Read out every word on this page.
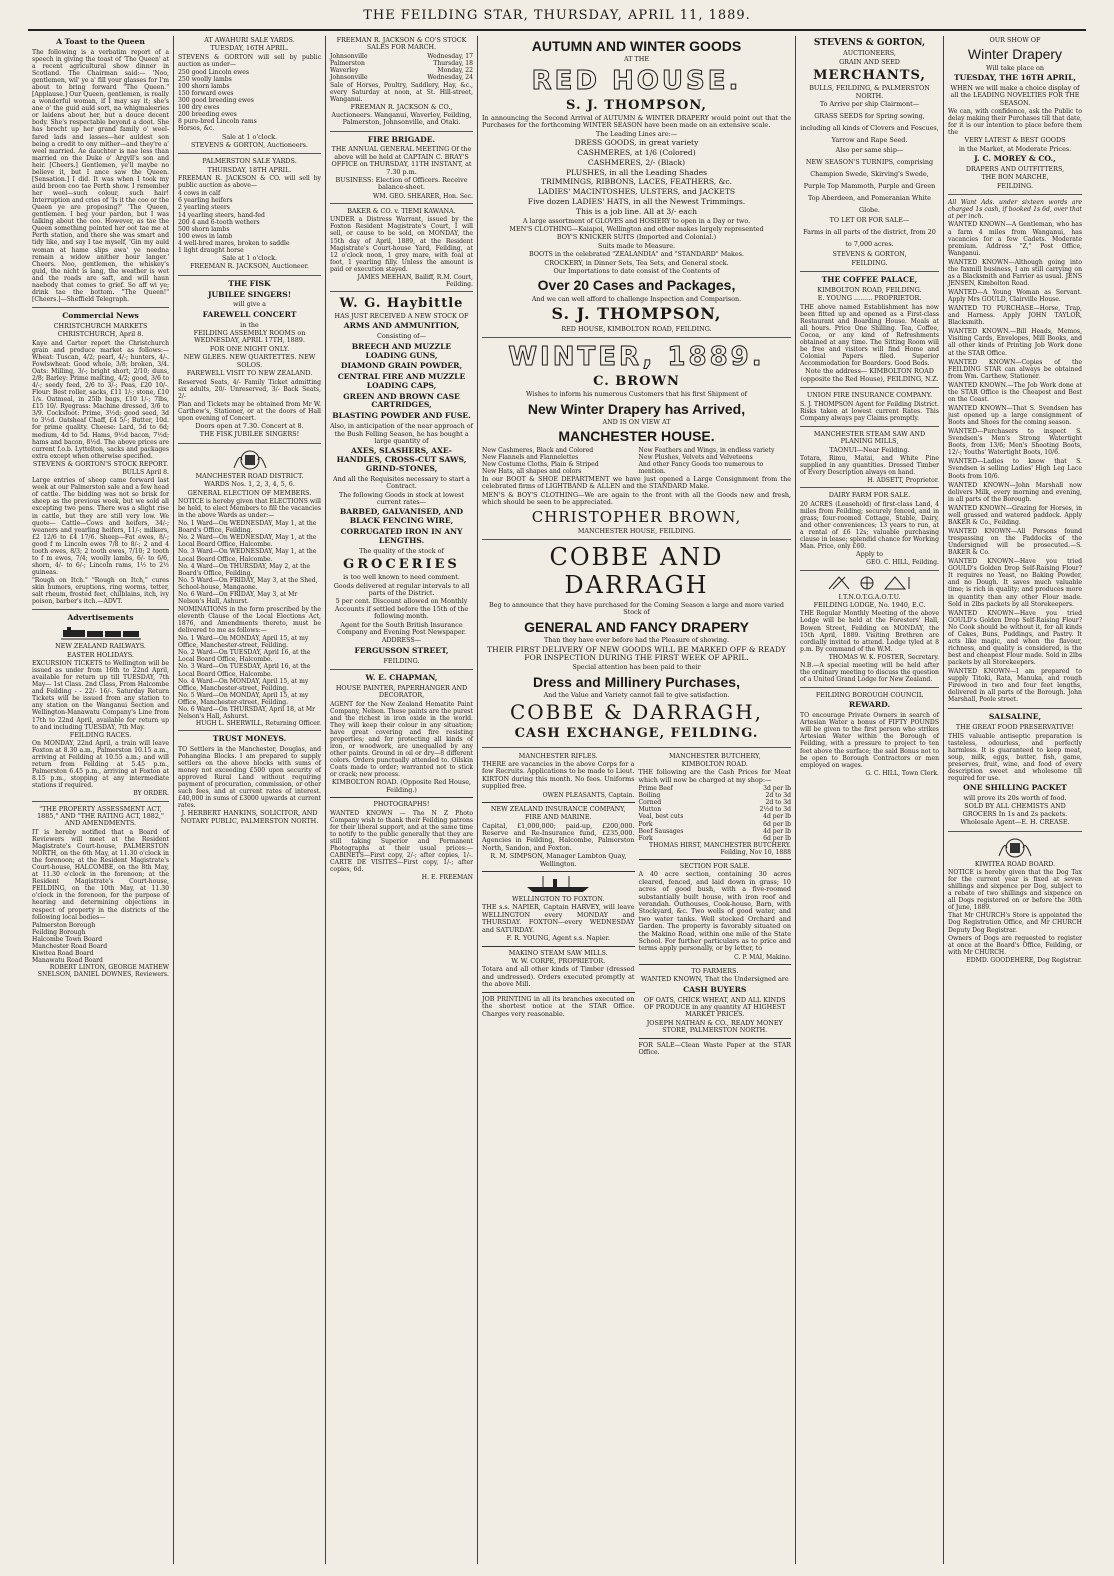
THE FEILDING STAR, THURSDAY, APRIL 11, 1889.
A Toast to the Queen
The following is a verbatim report of a speech in giving the toast of 'The Queen' at a recent agricultural show dinner in Scotland. The Chairman said:— 'Noo, gentlemen, wil' ye a' fill your glasses for I'm about to bring forward "The Queen." [Applause.] Our Queen, gentlemen, is really a wonderful woman, if I may say it; she's ane o' the guid auld sort, na whigmaleeries or laidens about her, but a douce decent body. She's respectable beyond a doot. She has brocht up her grand family o' weel-fared lads and lasses—her auldest son being a credit to ony mither—and they're a' weel married. Ae dauchter is nae less than married on the Duke o' Argyll's son and heir. [Cheers.] Gentlemen, ye'll maybe no believe it, but I ance saw the Queen. [Sensation.] I did. It was when I took my auld broon coo tae Perth show. I remember her weel—such colour, such hair! Interruption and cries of 'Is it the coo or the Queen ye are proposing?' 'The Queen, gentlemen. I beg your pardon, but I was talking about the coo. However, as tae the Queen something pointed her oot tae me at Perth station, and there she was smart and tidy like, and say I tae myself, 'Gin my auld woman at hame slips awa' ye needna remain a widow anither hour langer.' Cheers. Noo, gentlemen, the whiskey's guid, the nicht is lang, the weather is wet and the roads are saft, and will haun naebody that comes to grief. So aff wi ye; drink tae the bottom. "The Queen!" [Cheers.]—Sheffield Telegraph.
Commercial News
CHRISTCHURCH MARKETS
CHRISTCHURCH, April 8.
Kaye and Carter report the Christchurch grain and produce market as follows:—Wheat: Tuscan, 4/2; pearl, 4/-; hunters, 4/-. Fowlswheat: Good whole, 3/8; broken, 3/4. Oats: Milling, 3/-; bright short, 2/10; duns, 2/8; Barley: Prime malting, 4/2; good, 3/6 to 4/-; seedy feed, 2/6 to 3/-; Peas, £20 10/-. Flour: Best roller, sacks, £11 1/-; stone, £10 1/s. Oatmeal, in 25lb bags, £10 1/-; 7lbs, £15 10/. Ryegrass: Machine dressed, 3/6 to 3/9. Cocksfoot: Prime, 3½d; good seed, 3d to 3½d. Oatsheaf Chaff, £4 5/-; Butter, 10d. for prime quality. Cheese: Lard, 5d to 6d; medium, 4d to 5d. Hams, 9½d bacon, 7½d; hams and bacon, 8½d. The above prices are current f.o.b. Lyttelton, sacks and packages extra except when otherwise specified.
STEVENS & GORTON'S STOCK REPORT.
BULLS April 8.
Large entries of sheep came forward last week at our Palmerston sale and a few head of cattle. The bidding was not so brisk for sheep as the previous week, but we sold all excepting two pens. There was a slight rise in cattle, but they are still very low. We quote— Cattle—Cows and heifers, 34/-; weaners and yearling heifers, 11/-; milkers, £2 12/6 to £4 17/6. Sheep—Fat ewes, 8/-; good f m Lincoln ewes 7/8 to 8/-; 2 and 4 tooth ewes, 8/3; 2 tooth ewes, 7/10; 2 tooth to f m ewes, 7/4; woolly lambs, 6/- to 6/6, shorn, 4/- to 6/-; Lincoln rams, 1½ to 2½ guineas.
"Rough on Itch." "Rough on Itch," cures skin humors, eruptions, ring worms, tetter, salt rheum, frosted feet, chilblains, itch, ivy poison, barber's itch.—ADVT.
Advertisements
NEW ZEALAND RAILWAYS.
EASTER HOLIDAYS.
EXCURSION TICKETS to Wellington will be issued as under from 16th to 22nd April, available for return up till TUESDAY, 7th May— 1st Class. 2nd Class, From Halcombe and Feilding - - 22/- 16/-. Saturday Return Tickets will be issued from any station to any station on the Wanganui Section and Wellington-Manawatu Company's Line from 17th to 22nd April, available for return up to and including TUESDAY, 7th May.
FEILDING RACES.
On MONDAY, 22nd April, a train will leave Foxton at 8.30 a.m., Palmerston 10.15 a.m., arriving at Feilding at 10.55 a.m.; and will return from Feilding at 5.45 p.m., Palmerston 6.45 p.m., arriving at Foxton at 8.15 p.m., stopping at any intermediate stations if required.
BY ORDER.
"THE PROPERTY ASSESSMENT ACT, 1885," AND "THE RATING ACT, 1882," AND AMENDMENTS.
IT is hereby notified that a Board of Reviewers will meet at the Resident Magistrate's Court-house, PALMERSTON NORTH, on the 6th May, at 11.30 o'clock in the forenoon; at the Resident Magistrate's Court-house, HALCOMBE, on the 8th May, at 11.30 o'clock in the forenoon; at the Resident Magistrate's Court-house, FEILDING, on the 10th May, at 11.30 o'clock in the forenoon, for the purpose of hearing and determining objections in respect of property in the districts of the following local bodies—
Palmerston Borough
Feilding Borough
Halcombe Town Board
Manchester Road Board
Kiwitea Road Board
Manawatu Road Board
ROBERT LINTON, GEORGE MATHEW SNELSON, DANIEL DOWNES, Reviewers.
AT AWAHURI SALE YARDS.
TUESDAY, 16TH APRIL.
STEVENS & GORTON will sell by public auction as under—
250 good Lincoln ewes
250 woolly lambs
100 shorn lambs
150 forward ewes
300 good breeding ewes
100 dry ewes
200 breeding ewes
8 pure-bred Lincoln rams
Horses, &c.
Sale at 1 o'clock.
STEVENS & GORTON, Auctioneers.
PALMERSTON SALE YARDS.
THURSDAY, 18TH APRIL.
FREEMAN R. JACKSON & CO. will sell by public auction as above—
4 cows in calf
6 yearling heifers
2 yearling steers
14 yearling steers, hand-fed
200 4 and 6-tooth wethers
500 shorn lambs
100 ewes in lamb
4 well-bred mares, broken to saddle
1 light draught horse
Sale at 1 o'clock.
FREEMAN R. JACKSON, Auctioneer.
THE FISK
JUBILEE SINGERS!
will give a
FAREWELL CONCERT
in the
FEILDING ASSEMBLY ROOMS on WEDNESDAY, APRIL 17TH, 1889.
FOR ONE NIGHT ONLY.
NEW GLEES. NEW QUARTETTES. NEW SOLOS.
FAREWELL VISIT TO NEW ZEALAND.
Reserved Seats, 4/- Family Ticket admitting six adults, 20/- Unreserved, 3/- Back Seats, 2/-
Plan and Tickets may be obtained from Mr W. Carthew's, Stationer, or at the doors of Hall upon evening of Concert.
Doors open at 7.30. Concert at 8.
THE FISK JUBILEE SINGERS!
MANCHESTER ROAD DISTRICT.
WARDS Nos. 1, 2, 3, 4, 5, 6.
GENERAL ELECTION OF MEMBERS.
NOTICE is hereby given that ELECTIONS will be held, to elect Members to fill the vacancies in the above Wards as under:—
No. 1 Ward—On WEDNESDAY, May 1, at the Board's Office, Feilding.
No. 2 Ward—On WEDNESDAY, May 1, at the Local Board Office, Halcombe.
No. 3 Ward—On WEDNESDAY, May 1, at the Local Board Office, Halcombe.
No. 4 Ward—On THURSDAY, May 2, at the Board's Office, Feilding.
No. 5 Ward—On FRIDAY, May 3, at the Shed, School-house, Mangaone.
No. 6 Ward—On FRIDAY, May 3, at Mr Nelson's Hall, Ashurst.
NOMINATIONS in the form prescribed by the eleventh Clause of the Local Elections Act, 1876, and Amendments thereto, must be delivered to me as follows:—
No. 1 Ward—On MONDAY, April 15, at my Office, Manchester-street, Feilding.
No. 2 Ward—On TUESDAY, April 16, at the Local Board Office, Halcombe.
No. 3 Ward—On TUESDAY, April 16, at the Local Board Office, Halcombe.
No. 4 Ward—On MONDAY, April 15, at my Office, Manchester-street, Feilding.
No. 5 Ward—On MONDAY, April 15, at my Office, Manchester-street, Feilding.
No. 6 Ward—On THURSDAY, April 18, at Mr Nelson's Hall, Ashurst.
HUGH L. SHERWILL, Returning Officer.
TRUST MONEYS.
TO Settlers in the Manchester, Douglas, and Pohangina Blocks. I am prepared to supply settlers on the above blocks with sums of money not exceeding £500 upon security of approved Rural Land without requiring payment of procuration, commission, or other such fees, and at current rates of interest. £40,000 in sums of £3000 upwards at current rates.
J. HERBERT HANKINS, SOLICITOR, AND NOTARY PUBLIC, PALMERSTON NORTH.
FREEMAN R. JACKSON & CO'S STOCK SALES FOR MARCH.
Johnsonville	Wednesday, 17
Palmerston	Thursday, 18
Waverley	Monday, 22
Johnsonville	Wednesday, 24
Sale of Horses, Poultry, Saddlery, Hay, &c., every Saturday at noon, at St. Hill-street, Wanganui.
FREEMAN R. JACKSON & CO., Auctioneers. Wanganui, Waverley, Feilding, Palmerston, Johnsonville, and Otaki.
FIRE BRIGADE.
THE ANNUAL GENERAL MEETING Of the above will be held at CAPTAIN C. BRAY'S OFFICE on THURSDAY, 11TH INSTANT, at 7.30 p.m.
BUSINESS: Election of Officers. Receive balance-sheet.
WM. GEO. SHEARER, Hon. Sec.
BAKER & CO. v. TIEMI KAWANA.
UNDER a Distress Warrant, issued by the Foxton Resident Magistrate's Court, I will sell, or cause to be sold, on MONDAY, the 15th day of April, 1889, at the Resident Magistrate's Court-house Yard, Feilding, at 12 o'clock noon, 1 grey mare, with foal at foot, 1 yearling filly. Unless the amount is paid or execution stayed.
JAMES MEEHAN, Bailiff, R.M. Court, Feilding.
W. G. Haybittle
HAS JUST RECEIVED A NEW STOCK OF
ARMS AND AMMUNITION,
Consisting of—
BREECH AND MUZZLE LOADING GUNS,
DIAMOND GRAIN POWDER,
CENTRAL FIRE AND MUZZLE LOADING CAPS,
GREEN AND BROWN CASE CARTRIDGES,
BLASTING POWDER AND FUSE.
Also, in anticipation of the near approach of the Bush Felling Season, he has bought a large quantity of
AXES, SLASHERS, AXE-HANDLES, CROSS-CUT SAWS, GRIND-STONES,
And all the Requisites necessary to start a Contract.
The following Goods in stock at lowest current rates—
BARBED, GALVANISED, AND BLACK FENCING WIRE,
CORRUGATED IRON IN ANY LENGTHS.
The quality of the stock of
GROCERIES
is too well known to need comment.
Goods delivered at regular intervals to all parts of the District.
5 per cent. Discount allowed on Monthly Accounts if settled before the 15th of the following month.
Agent for the South British Insurance Company and Evening Post Newspaper.
ADDRESS—
FERGUSSON STREET,
FEILDING.
W. E. CHAPMAN,
HOUSE PAINTER, PAPERHANGER AND DECORATOR,
AGENT for the New Zealand Hematite Paint Company, Nelson. These paints are the purest and the richest in iron oxide in the world. They will keep their colour in any situation; have great covering and fire resisting properties; and for protecting all kinds of iron, or woodwork, are unequalled by any other paints. Ground in oil or dry—8 different colors. Orders punctually attended to. Oilskin Coats made to order; warranted not to stick or crack; new process.
KIMBOLTON ROAD. (Opposite Red House, Feilding.)
PHOTOGRAPHS!
WANTED KNOWN — The N Z Photo Company wish to thank their Feilding patrons for their liberal support, and at the same time to notify to the public generally that they are still taking Superior and Permanent Photographs at their usual prices:—CABINETS—First copy, 2/-; after copies, 1/-. CARTE DE VISITES—First copy, 1/-; after copies, 6d.
H. E. FREEMAN
AUTUMN AND WINTER GOODS
AT THE
RED HOUSE.
S. J. THOMPSON,
In announcing the Second Arrival of AUTUMN & WINTER DRAPERY would point out that the Purchases for the forthcoming WINTER SEASON have been made on an extensive scale.
The Leading Lines are:—
DRESS GOODS, in great variety
CASHMERES, at 1/6 (Colored)
CASHMERES, 2/- (Black)
PLUSHES, in all the Leading Shades
TRIMMINGS, RIBBONS, LACES, FEATHERS, &c.
LADIES' MACINTOSHES, ULSTERS, and JACKETS
Five dozen LADIES' HATS, in all the Newest Trimmings.
This is a job line. All at 3/- each
A large assortment of GLOVES and HOSIERY to open in a Day or two.
MEN'S CLOTHING—Kaiapoi, Wellington and other makes largely represented
BOY'S KNICKER SUITS (Imported and Colonial.)
Suits made to Measure.
BOOTS in the celebrated "ZEALANDIA" and "STANDARD" Makes.
CROCKERY, in Dinner Sets, Tea Sets, and General stock.
Our Importations to date consist of the Contents of
Over 20 Cases and Packages,
And we can well afford to challenge Inspection and Comparison.
S. J. THOMPSON,
RED HOUSE, KIMBOLTON ROAD, FEILDING.
WINTER, 1889.
C. BROWN
Wishes to inform his numerous Customers that his first Shipment of
New Winter Drapery has Arrived,
AND IS ON VIEW AT
MANCHESTER HOUSE.
New Cashmeres, Black and Colored
New Flannels and Flannelettes
New Costume Cloths, Plain & Striped
New Hats, all shapes and colors
New Feathers and Wings, in endless variety
New Plushes, Velvets and Velveteens
And other Fancy Goods too numerous to mention.
In our BOOT & SHOE DEPARTMENT we have just opened a Large Consignment from the celebrated firms of LIGHTBAND & ALLEN and the STANDARD Make.
MEN'S & BOY'S CLOTHING—We are again to the front with all the Goods new and fresh, which should be seen to be appreciated.
CHRISTOPHER BROWN,
MANCHESTER HOUSE, FEILDING.
COBBE AND DARRAGH
Beg to announce that they have purchased for the Coming Season a large and more varied Stock of
GENERAL AND FANCY DRAPERY
Than they have ever before had the Pleasure of showing.
THEIR FIRST DELIVERY OF NEW GOODS WILL BE MARKED OFF & READY FOR INSPECTION DURING THE FIRST WEEK OF APRIL.
Special attention has been paid to their
Dress and Millinery Purchases,
And the Value and Variety cannot fail to give satisfaction.
COBBE & DARRAGH,
CASH EXCHANGE, FEILDING.
MANCHESTER RIFLES.
THERE are vacancies in the above Corps for a few Recruits. Applications to be made to Lieut. KIRTON during this month. No fees. Uniforms supplied free.
OWEN PLEASANTS, Captain.
NEW ZEALAND INSURANCE COMPANY,
FIRE AND MARINE.
Capital, £1,000,000; paid-up, £200,000. Reserve and Re-Insurance fund, £235,000. Agencies in Feilding, Halcombe, Palmerston North, Sandon, and Foxton.
R. M. SIMPSON, Manager Lambton Quay, Wellington.
WELLINGTON TO FOXTON.
THE s.s. NAPIER, Captain HARVEY, will leave WELLINGTON every MONDAY and THURSDAY. FOXTON—every WEDNESDAY and SATURDAY.
F. R. YOUNG, Agent s.s. Napier.
MAKINO STEAM SAW MILLS.
W. W. CORPE, PROPRIETOR.
Totara and all other kinds of Timber (dressed and undressed). Orders executed promptly at the above Mill.
JOB PRINTING in all its branches executed on the shortest notice at the STAR Office. Charges very reasonable.
MANCHESTER BUTCHERY,
KIMBOLTON ROAD.
THE following are the Cash Prices for Meat which will now be charged at my shop:—
Prime Beef	3d per lb
Boiling	2d to 3d
Corned	2d to 3d
Mutton	2½d to 3d
Veal, best cuts	4d per lb
Pork	6d per lb
Beef Sausages	4d per lb
Fork	6d per lb
THOMAS HIRST, MANCHESTER BUTCHERY. Feilding, Nov 10, 1888
SECTION FOR SALE.
A 40 acre section, containing 30 acres cleared, fenced, and laid down in grass; 10 acres of good bush, with a five-roomed substantially built house, with iron roof and verandah. Outhouses, Cook-house, Barn, with Stockyard, &c. Two wells of good water, and two water tanks. Well stocked Orchard and Garden. The property is favorably situated on the Makino Road, within one mile of the State School. For further particulars as to price and terms apply personally, or by letter, to
C. P. MAI, Makino.
TO FARMERS.
WANTED KNOWN, That the Undersigned are
CASH BUYERS
OF OATS, CHICK WHEAT, AND ALL KINDS OF PRODUCE in any quantity AT HIGHEST MARKET PRICES.
JOSEPH NATHAN & CO., READY MONEY STORE, PALMERSTON NORTH.
FOR SALE—Clean Waste Paper at the STAR Office.
STEVENS & GORTON,
AUCTIONEERS,
GRAIN AND SEED
MERCHANTS,
BULLS, FEILDING, & PALMERSTON NORTH.
To Arrive per ship Clairmont—
GRASS SEEDS for Spring sowing, including all kinds of Clovers and Fescues, Yarrow and Rape Seed.
Also per same ship—
NEW SEASON'S TURNIPS, comprising Champion Swede, Skirving's Swede, Purple Top Mammoth, Purple and Green Top Aberdeen, and Pomeranian White Globe.
TO LET OR FOR SALE—
Farms in all parts of the district, from 20 to 7,000 acres.
STEVENS & GORTON,
FEILDING.
THE COFFEE PALACE,
KIMBOLTON ROAD, FEILDING.
E. YOUNG ......... PROPRIETOR.
THE above named Establishment has now been fitted up and opened as a First-class Restaurant and Boarding House. Meals at all hours. Price One Shilling. Tea, Coffee, Cocoa, or any kind of Refreshments obtained at any time. The Sitting Room will be free and visitors will find Home and Colonial Papers filed. Superior Accommodation for Boarders. Good Beds.
Note the address— KIMBOLTON ROAD (opposite the Red House), FEILDING, N.Z.
UNION FIRE INSURANCE COMPANY.
S. J. THOMPSON Agent for Feilding District. Risks taken at lowest current Rates. This Company always pay Claims promptly.
MANCHESTER STEAM SAW AND PLANING MILLS,
TAONUI—Near Feilding.
Totara, Rimu, Matai, and White Pine supplied in any quantities. Dressed Timber of Every Description always on hand.
H. ADSETT, Proprietor.
DAIRY FARM FOR SALE.
20 ACRES (Leasehold) of first-class Land, 4 miles from Feilding; securely fenced, and in grass; four-roomed Cottage, Stable, Dairy, and other conveniences; 13 years to run, at a rental of £6 12s; valuable purchasing clause in lease; splendid chance for Working Man. Price, only £60.
Apply to
GEO. C. HILL, Feilding.
I.T.N.O.T.G.A.O.T.U.
FEILDING LODGE, No. 1940, E.C.
THE Regular Monthly Meeting of the above Lodge will be held at the Foresters' Hall, Bowen Street, Feilding on MONDAY, the 15th April, 1889. Visiting Brethren are cordially invited to attend. Lodge tyled at 8 p.m. By command of the W.M.
THOMAS W. K. FOSTER, Secretary.
N.B.—A special meeting will be held after the ordinary meeting to discuss the question of a United Grand Lodge for New Zealand.
FEILDING BOROUGH COUNCIL
REWARD.
TO encourage Private Owners in search of Artesian Water a bonus of FIFTY POUNDS will be given to the first person who strikes Artesian Water within the Borough of Feilding, with a pressure to project to ten feet above the surface; the said Bonus not to be open to Borough Contractors or men employed on wages.
G. C. HILL, Town Clerk.
OUR SHOW OF
Winter Drapery
Will take place on
TUESDAY, THE 16TH APRIL,
WHEN we will make a choice display of all the LEADING NOVELTIES FOR THE SEASON.
We can, with confidence, ask the Public to delay making their Purchases till that date, for it is our intention to place before them the
VERY LATEST & BEST GOODS
in the Market, at Moderate Prices.
J. C. MOREY & CO.,
DRAPERS AND OUTFITTERS,
THE BON MARCHE,
FEILDING.
All Want Ads. under sixteen words are charged 1s cash, if booked 1s 6d, over that at per inch.
WANTED KNOWN—A Gentleman, who has a farm 4 miles from Wanganui, has vacancies for a few Cadets. Moderate premium. Address "Z," Post Office, Wanganui.
WANTED KNOWN—Although going into the faxmill business, I am still carrying on as a Blacksmith and Farrier as usual. JENS JENSEN, Kimbolton Road.
WANTED—A Young Woman as Servant. Apply Mrs GOULD, Clairville House.
WANTED TO PURCHASE—Horse, Trap, and Harness. Apply JOHN TAYLOR, Blacksmith.
WANTED KNOWN.—Bill Heads, Memos, Visiting Cards, Envelopes, Mill Books, and all other kinds of Printing Job Work done at the STAR Office.
WANTED KNOWN—Copies of the FEILDING STAR can always be obtained from Wm. Carthew, Stationer.
WANTED KNOWN.—The Job Work done at the STAR Office is the Cheapest and Best on the Coast.
WANTED KNOWN—That S. Svendsen has just opened up a large consignment of Boots and Shoes for the coming season.
WANTED—Purchasers to inspect S. Svendsen's Men's Strong Watertight Boots, from 13/6; Men's Shooting Boots, 12/-; Youths' Watertight Boots, 10/6.
WANTED—Ladies to know that S. Svendsen is selling Ladies' High Leg Lace Boots from 10/6.
WANTED KNOWN—John Marshall now delivers Milk, every morning and evening, in all parts of the Borough.
WANTED KNOWN—Grazing for Horses, in well grassed and watered paddock. Apply BAKER & Co., Feilding.
WANTED KNOWN—All Persons found trespassing on the Paddocks of the Undersigned will be prosecuted.—S. BAKER & Co.
WANTED KNOWN—Have you tried GOULD's Golden Drop Self-Raising Flour? It requires no Yeast, no Baking Powder, and no Dough. It saves much valuable time; is rich in quality; and produces more in quantity than any other Flour made. Sold in 2lbs packets by all Storekeepers.
WANTED KNOWN—Have you tried GOULD's Golden Drop Self-Raising Flour? No Cook should be without it, for all kinds of Cakes, Buns, Puddings, and Pastry. It acts like magic, and when the flavour, richness, and quality is considered, is the best and cheapest Flour made. Sold in 2lbs packets by all Storekeepers.
WANTED KNOWN—I am prepared to supply Titoki, Rata, Manuka, and rough Firewood in two and four feet lengths, delivered in all parts of the Borough. John Marshall, Poole street.
SALSALINE,
THE GREAT FOOD PRESERVATIVE!
THIS valuable antiseptic preparation is tasteless, odourless, and perfectly harmless. It is guaranteed to keep meat, soup, milk, eggs, butter, fish, game, preserves, fruit, wine, and food of every description sweet and wholesome till required for use.
ONE SHILLING PACKET
will prove its 20s worth of food.
SOLD BY ALL CHEMISTS AND GROCERS In 1s and 2s packets.
Wholesale Agent—E. H. CREASE.
KIWITEA ROAD BOARD.
NOTICE is hereby given that the Dog Tax for the current year is fixed at seven shillings and sixpence per Dog, subject to a rebate of two shillings and sixpence on all Dogs registered on or before the 30th of June, 1889.
That Mr CHURCH's Store is appointed the Dog Registration Office, and Mr CHURCH Deputy Dog Registrar.
Owners of Dogs are requested to register at once at the Board's Office, Feilding, or with Mr CHURCH.
EDMD. GOODEHERE, Dog Registrar.
